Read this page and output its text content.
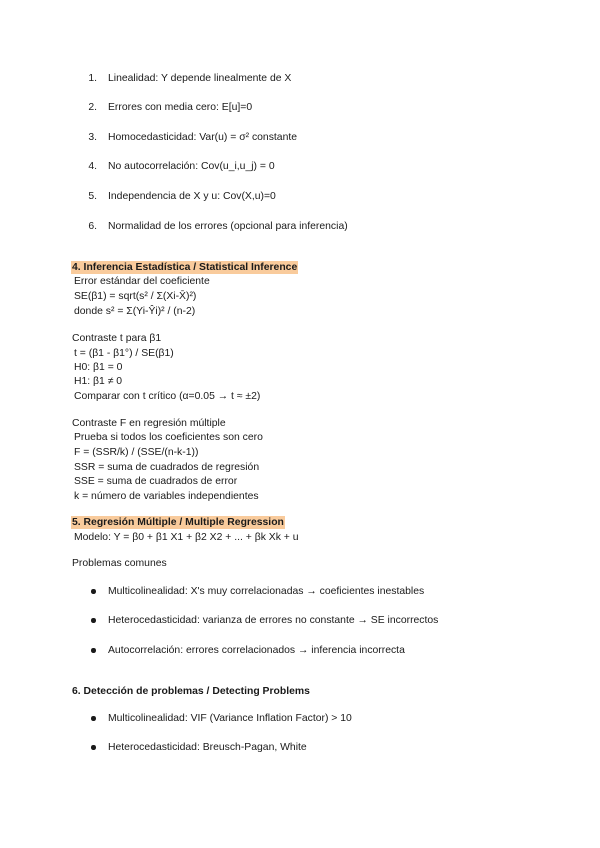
1. Linealidad: Y depende linealmente de X
2. Errores con media cero: E[u]=0
3. Homocedasticidad: Var(u) = σ² constante
4. No autocorrelación: Cov(u_i,u_j) = 0
5. Independencia de X y u: Cov(X,u)=0
6. Normalidad de los errores (opcional para inferencia)
4. Inferencia Estadística / Statistical Inference
Error estándar del coeficiente
SE(β1) = sqrt(s² / Σ(Xi-X̄)²)
donde s² = Σ(Yi-Ŷi)² / (n-2)
Contraste t para β1
t = (β1 - β1°) / SE(β1)
H0: β1 = 0
H1: β1 ≠ 0
Comparar con t crítico (α=0.05 → t ≈ ±2)
Contraste F en regresión múltiple
Prueba si todos los coeficientes son cero
F = (SSR/k) / (SSE/(n-k-1))
SSR = suma de cuadrados de regresión
SSE = suma de cuadrados de error
k = número de variables independientes
5. Regresión Múltiple / Multiple Regression
Modelo: Y = β0 + β1 X1 + β2 X2 + ... + βk Xk + u
Problemas comunes
Multicolinealidad: X's muy correlacionadas → coeficientes inestables
Heterocedasticidad: varianza de errores no constante → SE incorrectos
Autocorrelación: errores correlacionados → inferencia incorrecta
6. Detección de problemas / Detecting Problems
Multicolinealidad: VIF (Variance Inflation Factor) > 10
Heterocedasticidad: Breusch-Pagan, White
